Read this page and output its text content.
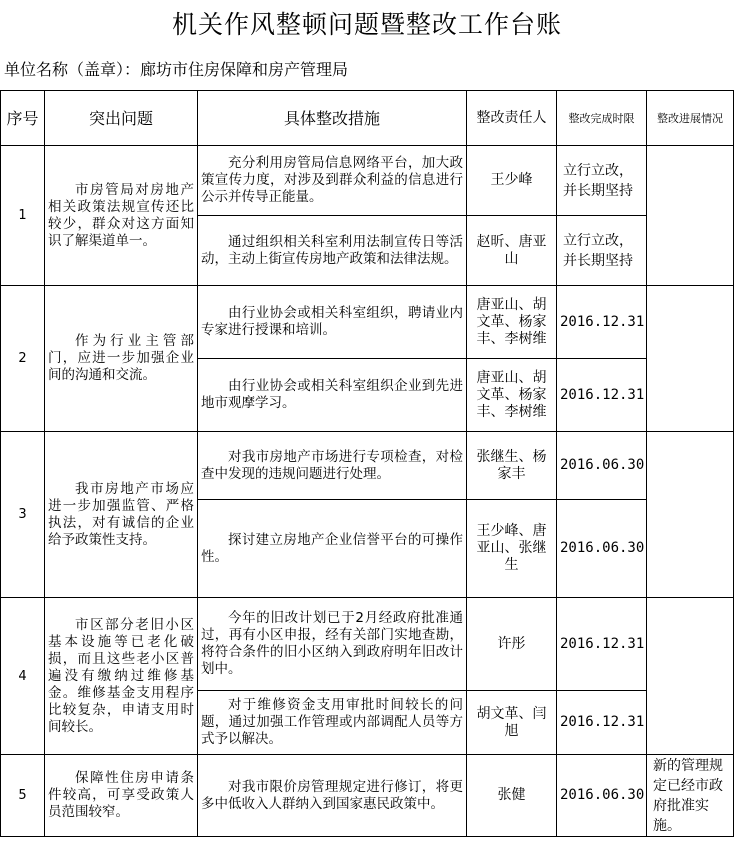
机关作风整顿问题暨整改工作台账
单位名称（盖章）：廊坊市住房保障和房产管理局
序号	突出问题	具体整改措施	整改责任人	整改完成时限	整改进展情况
1	市房管局对房地产相关政策法规宣传还比较少，群众对这方面知识了解渠道单一。	充分利用房管局信息网络平台，加大政策宣传力度，对涉及到群众利益的信息进行公示并传导正能量。	王少峰	立行立改，并长期坚持	
		通过组织相关科室利用法制宣传日等活动，主动上街宣传房地产政策和法律法规。	赵昕、唐亚山	立行立改，并长期坚持	
2	作为行业主管部门，应进一步加强企业间的沟通和交流。	由行业协会或相关科室组织，聘请业内专家进行授课和培训。	唐亚山、胡文革、杨家丰、李树维	2016.12.31	
		由行业协会或相关科室组织企业到先进地市观摩学习。	唐亚山、胡文革、杨家丰、李树维	2016.12.31	
3	我市房地产市场应进一步加强监管、严格执法，对有诚信的企业给予政策性支持。	对我市房地产市场进行专项检查，对检查中发现的违规问题进行处理。	张继生、杨家丰	2016.06.30	
		探讨建立房地产企业信誉平台的可操作性。	王少峰、唐亚山、张继生	2016.06.30	
4	市区部分老旧小区基本设施等已老化破损，而且这些老小区普遍没有缴纳过维修基金。维修基金支用程序比较复杂，申请支用时间较长。	今年的旧改计划已于2月经政府批准通过，再有小区申报，经有关部门实地查勘，将符合条件的旧小区纳入到政府明年旧改计划中。	许彤	2016.12.31	
		对于维修资金支用审批时间较长的问题，通过加强工作管理或内部调配人员等方式予以解决。	胡文革、闫旭	2016.12.31	
5	保障性住房申请条件较高，可享受政策人员范围较窄。	对我市限价房管理规定进行修订，将更多中低收入人群纳入到国家惠民政策中。	张健	2016.06.30	新的管理规定已经市政府批准实施。
